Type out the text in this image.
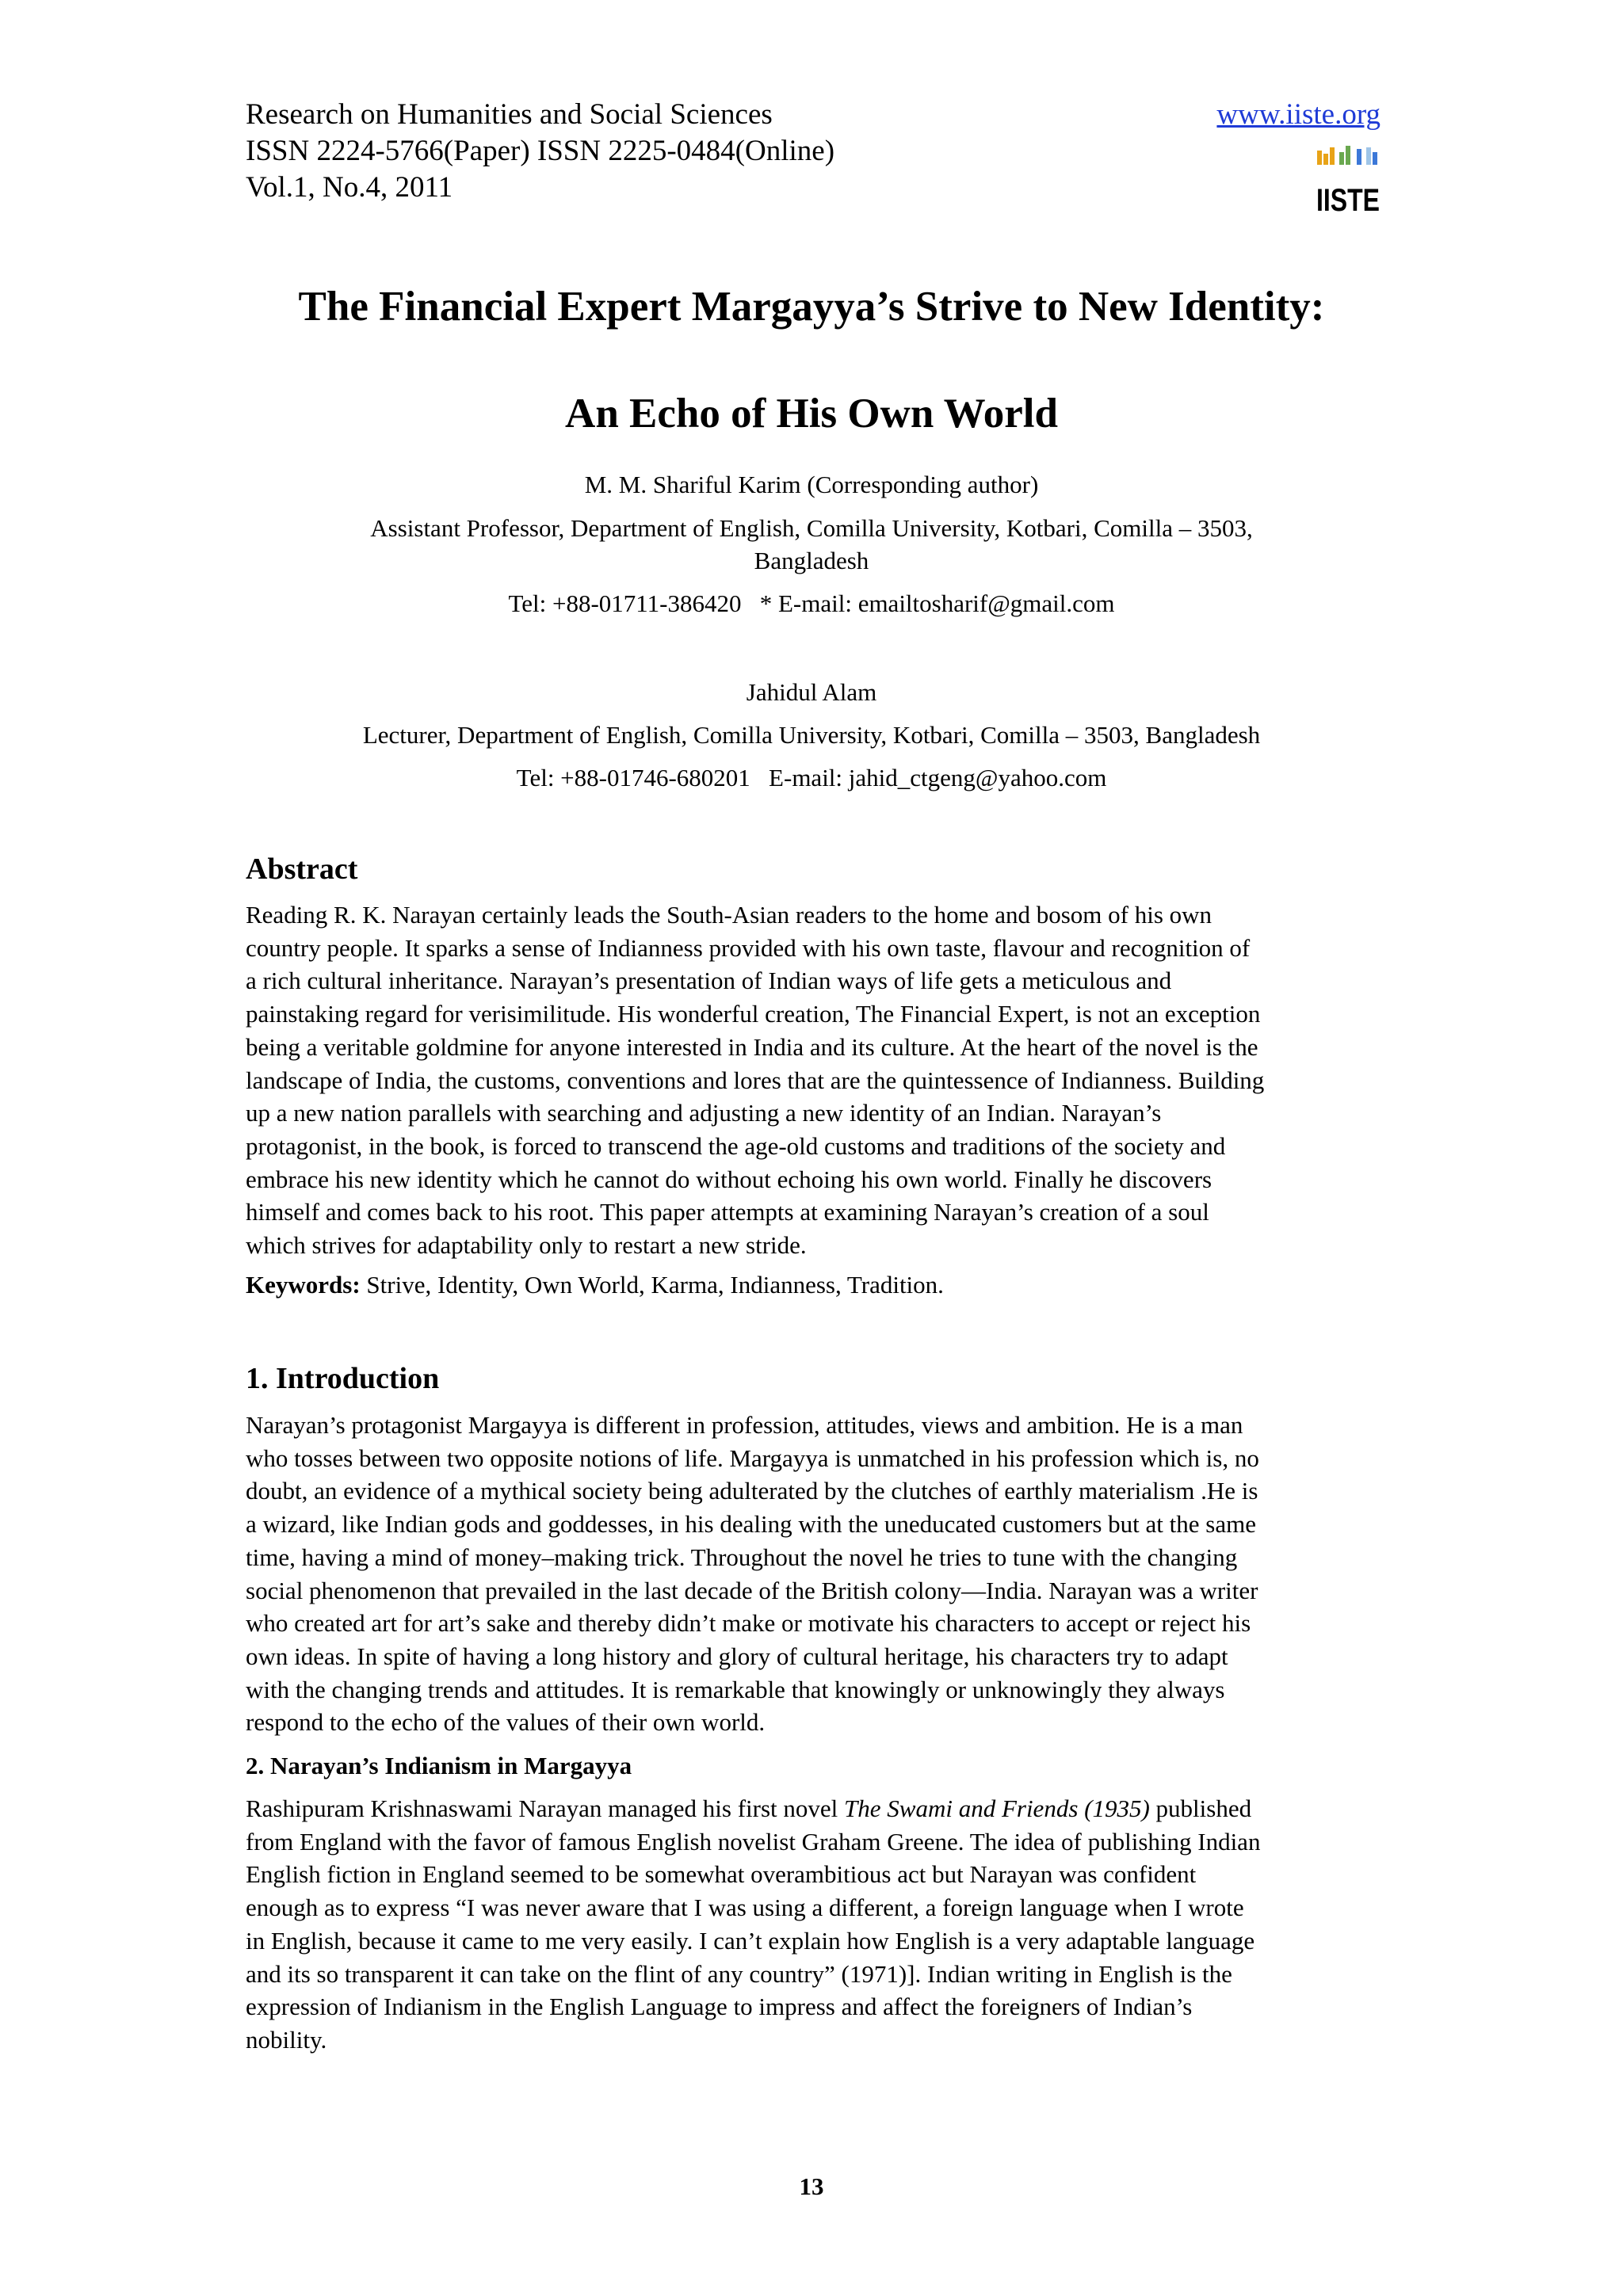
Research on Humanities and Social Sciences
ISSN 2224-5766(Paper) ISSN 2225-0484(Online)
Vol.1, No.4, 2011
www.iiste.org
IISTE
The Financial Expert Margayya’s Strive to New Identity:
An Echo of His Own World
M. M. Shariful Karim (Corresponding author)
Assistant Professor, Department of English, Comilla University, Kotbari, Comilla – 3503,
Bangladesh
Tel: +88-01711-386420   * E-mail: emailtosharif@gmail.com
Jahidul Alam
Lecturer, Department of English, Comilla University, Kotbari, Comilla – 3503, Bangladesh
Tel: +88-01746-680201   E-mail: jahid_ctgeng@yahoo.com
Abstract
Reading R. K. Narayan certainly leads the South-Asian readers to the home and bosom of his own
country people. It sparks a sense of Indianness provided with his own taste, flavour and recognition of
a rich cultural inheritance. Narayan’s presentation of Indian ways of life gets a meticulous and
painstaking regard for verisimilitude. His wonderful creation, The Financial Expert, is not an exception
being a veritable goldmine for anyone interested in India and its culture. At the heart of the novel is the
landscape of India, the customs, conventions and lores that are the quintessence of Indianness. Building
up a new nation parallels with searching and adjusting a new identity of an Indian. Narayan’s
protagonist, in the book, is forced to transcend the age-old customs and traditions of the society and
embrace his new identity which he cannot do without echoing his own world. Finally he discovers
himself and comes back to his root. This paper attempts at examining Narayan’s creation of a soul
which strives for adaptability only to restart a new stride.
Keywords: Strive, Identity, Own World, Karma, Indianness, Tradition.
1. Introduction
Narayan’s protagonist Margayya is different in profession, attitudes, views and ambition. He is a man
who tosses between two opposite notions of life. Margayya is unmatched in his profession which is, no
doubt, an evidence of a mythical society being adulterated by the clutches of earthly materialism .He is
a wizard, like Indian gods and goddesses, in his dealing with the uneducated customers but at the same
time, having a mind of money–making trick. Throughout the novel he tries to tune with the changing
social phenomenon that prevailed in the last decade of the British colony—India. Narayan was a writer
who created art for art’s sake and thereby didn’t make or motivate his characters to accept or reject his
own ideas. In spite of having a long history and glory of cultural heritage, his characters try to adapt
with the changing trends and attitudes. It is remarkable that knowingly or unknowingly they always
respond to the echo of the values of their own world.
2. Narayan’s Indianism in Margayya
Rashipuram Krishnaswami Narayan managed his first novel The Swami and Friends (1935) published
from England with the favor of famous English novelist Graham Greene. The idea of publishing Indian
English fiction in England seemed to be somewhat overambitious act but Narayan was confident
enough as to express “I was never aware that I was using a different, a foreign language when I wrote
in English, because it came to me very easily. I can’t explain how English is a very adaptable language
and its so transparent it can take on the flint of any country” (1971)]. Indian writing in English is the
expression of Indianism in the English Language to impress and affect the foreigners of Indian’s
nobility.
13
